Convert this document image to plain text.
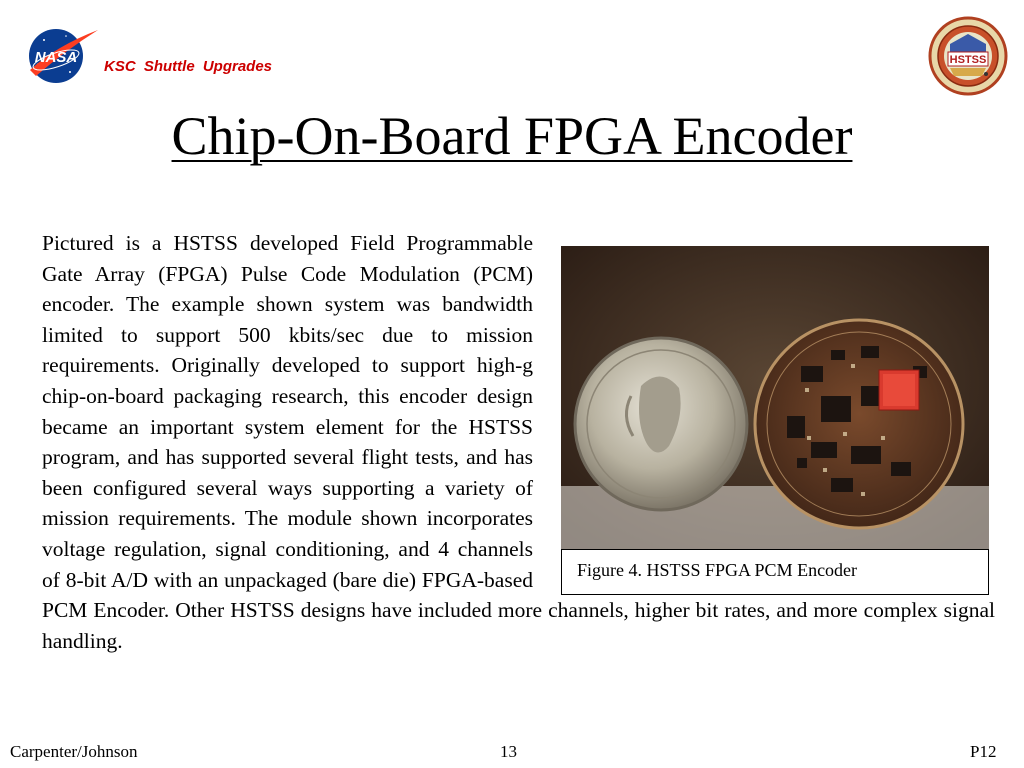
NASA
KSC Shuttle Upgrades	HSTSS
Chip-On-Board FPGA Encoder
Figure 4. HSTSS FPGA PCM Encoder

Pictured is a HSTSS developed Field Programmable Gate Array (FPGA) Pulse Code Modulation (PCM) encoder. The example shown system was bandwidth limited to support 500 kbits/sec due to mission requirements. Originally developed to support high-g chip-on-board packaging research, this encoder design became an important system element for the HSTSS program, and has supported several flight tests, and has been configured several ways supporting a variety of mission requirements. The module shown incorporates voltage regulation, signal conditioning, and 4 channels of 8-bit A/D with an unpackaged (bare die) FPGA-based PCM Encoder. Other HSTSS designs have included more channels, higher bit rates, and more complex signal handling.

Carpenter/Johnson	13	P12
